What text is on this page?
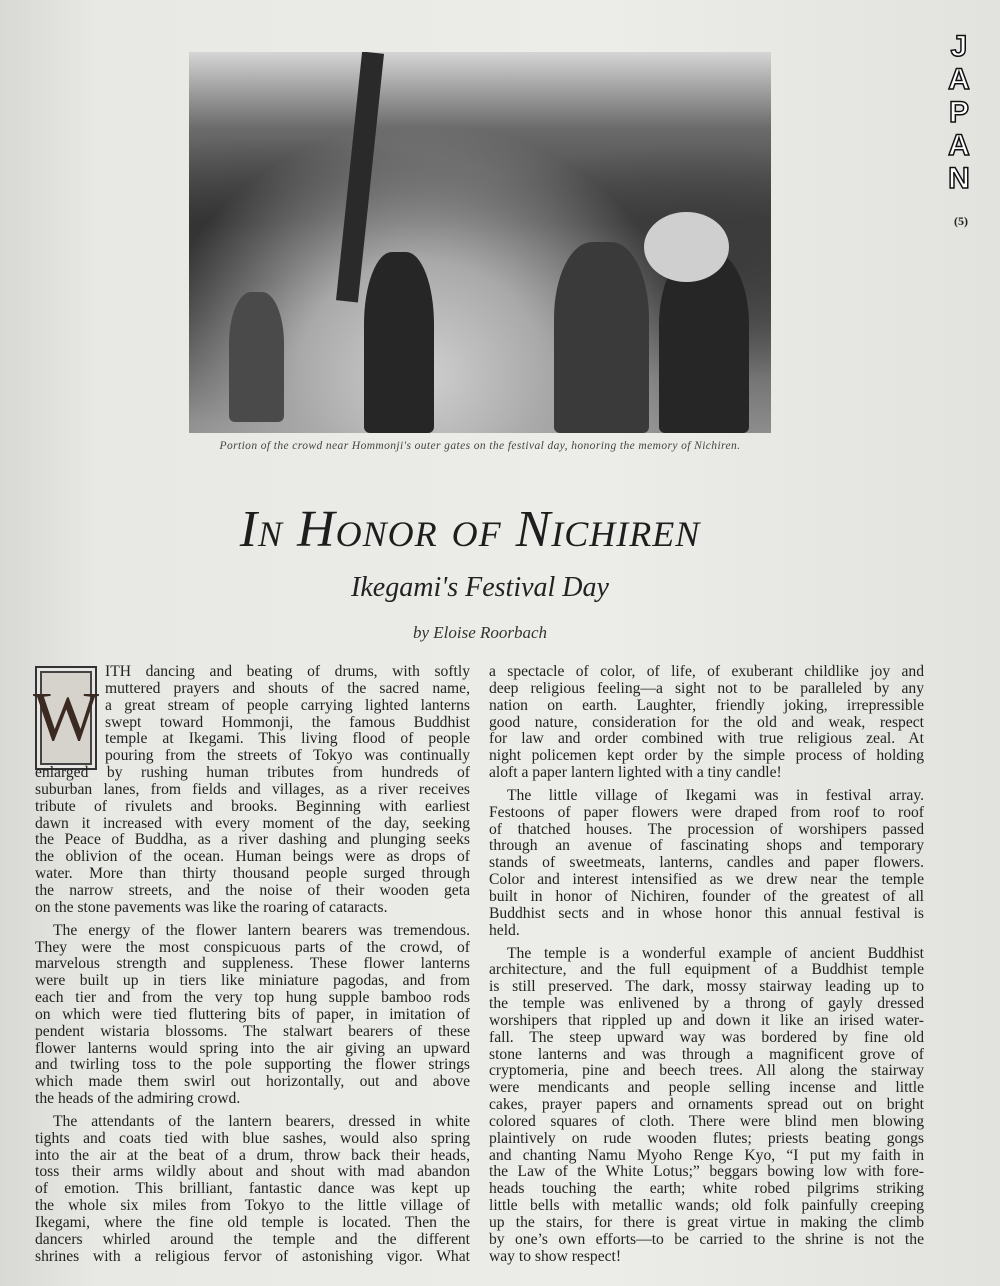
JAPAN
(5)
Portion of the crowd near Hommonji's outer gates on the festival day, honoring the memory of Nichiren.
In Honor of Nichiren
Ikegami's Festival Day
by Eloise Roorbach
W
ITH dancing and beating of drums, with softly
muttered prayers and shouts of the sacred name,
a great stream of people carrying lighted lanterns
swept toward Hommonji, the famous Buddhist
temple at Ikegami. This living flood of people
pouring from the streets of Tokyo was continually
enlarged by rushing human tributes from hundreds of
suburban lanes, from fields and villages, as a river receives
tribute of rivulets and brooks. Beginning with earliest
dawn it increased with every moment of the day, seeking
the Peace of Buddha, as a river dashing and plunging seeks
the oblivion of the ocean. Human beings were as drops of
water. More than thirty thousand people surged through
the narrow streets, and the noise of their wooden geta
on the stone pavements was like the roaring of cataracts.
The energy of the flower lantern bearers was tremendous.
They were the most conspicuous parts of the crowd, of
marvelous strength and suppleness. These flower lanterns
were built up in tiers like miniature pagodas, and from
each tier and from the very top hung supple bamboo rods
on which were tied fluttering bits of paper, in imitation of
pendent wistaria blossoms. The stalwart bearers of these
flower lanterns would spring into the air giving an upward
and twirling toss to the pole supporting the flower strings
which made them swirl out horizontally, out and above
the heads of the admiring crowd.
The attendants of the lantern bearers, dressed in white
tights and coats tied with blue sashes, would also spring
into the air at the beat of a drum, throw back their heads,
toss their arms wildly about and shout with mad abandon
of emotion. This brilliant, fantastic dance was kept up
the whole six miles from Tokyo to the little village of
Ikegami, where the fine old temple is located. Then the
dancers whirled around the temple and the different
shrines with a religious fervor of astonishing vigor. What
a spectacle of color, of life, of exuberant childlike joy and
deep religious feeling—a sight not to be paralleled by any
nation on earth. Laughter, friendly joking, irrepressible
good nature, consideration for the old and weak, respect
for law and order combined with true religious zeal. At
night policemen kept order by the simple process of holding
aloft a paper lantern lighted with a tiny candle!
The little village of Ikegami was in festival array.
Festoons of paper flowers were draped from roof to roof
of thatched houses. The procession of worshipers passed
through an avenue of fascinating shops and temporary
stands of sweetmeats, lanterns, candles and paper flowers.
Color and interest intensified as we drew near the temple
built in honor of Nichiren, founder of the greatest of all
Buddhist sects and in whose honor this annual festival is
held.
The temple is a wonderful example of ancient Buddhist
architecture, and the full equipment of a Buddhist temple
is still preserved. The dark, mossy stairway leading up to
the temple was enlivened by a throng of gayly dressed
worshipers that rippled up and down it like an irised water-
fall. The steep upward way was bordered by fine old
stone lanterns and was through a magnificent grove of
cryptomeria, pine and beech trees. All along the stairway
were mendicants and people selling incense and little
cakes, prayer papers and ornaments spread out on bright
colored squares of cloth. There were blind men blowing
plaintively on rude wooden flutes; priests beating gongs
and chanting Namu Myoho Renge Kyo, “I put my faith in
the Law of the White Lotus;” beggars bowing low with fore-
heads touching the earth; white robed pilgrims striking
little bells with metallic wands; old folk painfully creeping
up the stairs, for there is great virtue in making the climb
by one’s own efforts—to be carried to the shrine is not the
way to show respect!
